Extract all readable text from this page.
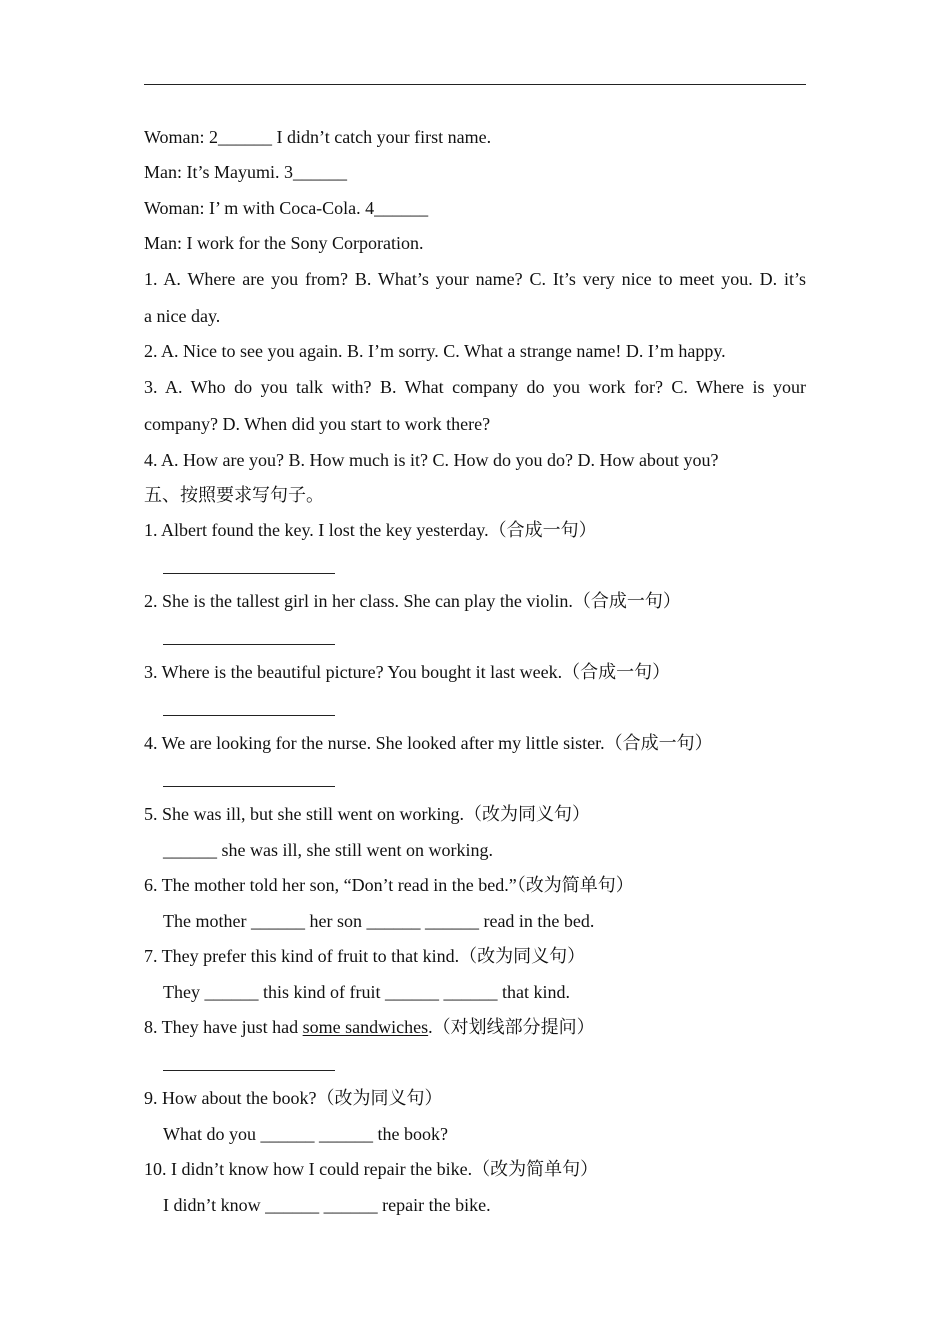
Woman: 2______ I didn’t catch your first name.
Man: It’s Mayumi. 3______
Woman: I’ m with Coca-Cola. 4______
Man: I work for the Sony Corporation.
1. A. Where are you from? B. What’s your name? C. It’s very nice to meet you. D. it’s
a nice day.
2. A. Nice to see you again. B. I’m sorry. C. What a strange name! D. I’m happy.
3. A. Who do you talk with? B. What company do you work for? C. Where is your
company? D. When did you start to work there?
4. A. How are you? B. How much is it? C. How do you do? D. How about you?
五、按照要求写句子。
1. Albert found the key. I lost the key yesterday.（合成一句）
2. She is the tallest girl in her class. She can play the violin.（合成一句）
3. Where is the beautiful picture? You bought it last week.（合成一句）
4. We are looking for the nurse. She looked after my little sister.（合成一句）
5. She was ill, but she still went on working.（改为同义句）
______ she was ill, she still went on working.
6. The mother told her son, “Don’t read in the bed.”（改为简单句）
The mother ______ her son ______ ______ read in the bed.
7. They prefer this kind of fruit to that kind.（改为同义句）
They ______ this kind of fruit ______ ______ that kind.
8. They have just had some sandwiches.（对划线部分提问）
9. How about the book?（改为同义句）
What do you ______ ______ the book?
10. I didn’t know how I could repair the bike.（改为简单句）
I didn’t know ______ ______ repair the bike.
